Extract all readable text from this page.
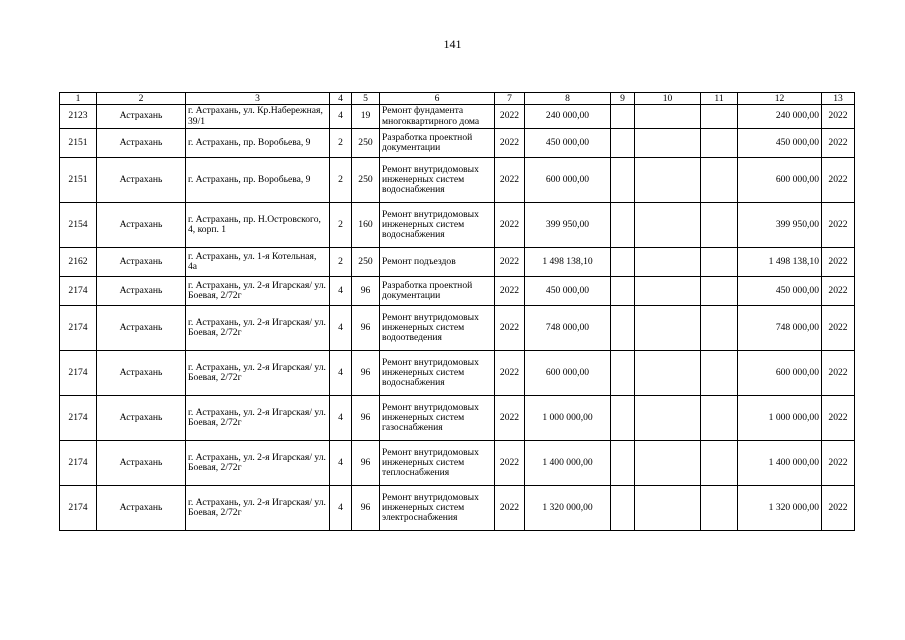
141
1	2	3	4	5	6	7	8	9	10	11	12	13
2123	Астрахань	г. Астрахань, ул. Кр.Набережная, 39/1	4	19	Ремонт фундамента многоквартирного дома	2022	240 000,00				240 000,00	2022
2151	Астрахань	г. Астрахань, пр. Воробьева, 9	2	250	Разработка проектной документации	2022	450 000,00				450 000,00	2022
2151	Астрахань	г. Астрахань, пр. Воробьева, 9	2	250	Ремонт внутридомовых инженерных систем водоснабжения	2022	600 000,00				600 000,00	2022
2154	Астрахань	г. Астрахань, пр. Н.Островского, 4, корп. 1	2	160	Ремонт внутридомовых инженерных систем водоснабжения	2022	399 950,00				399 950,00	2022
2162	Астрахань	г. Астрахань, ул. 1-я Котельная, 4а	2	250	Ремонт подъездов	2022	1 498 138,10				1 498 138,10	2022
2174	Астрахань	г. Астрахань, ул. 2-я Игарская/ ул. Боевая, 2/72г	4	96	Разработка проектной документации	2022	450 000,00				450 000,00	2022
2174	Астрахань	г. Астрахань, ул. 2-я Игарская/ ул. Боевая, 2/72г	4	96	Ремонт внутридомовых инженерных систем водоотведения	2022	748 000,00				748 000,00	2022
2174	Астрахань	г. Астрахань, ул. 2-я Игарская/ ул. Боевая, 2/72г	4	96	Ремонт внутридомовых инженерных систем водоснабжения	2022	600 000,00				600 000,00	2022
2174	Астрахань	г. Астрахань, ул. 2-я Игарская/ ул. Боевая, 2/72г	4	96	Ремонт внутридомовых инженерных систем газоснабжения	2022	1 000 000,00				1 000 000,00	2022
2174	Астрахань	г. Астрахань, ул. 2-я Игарская/ ул. Боевая, 2/72г	4	96	Ремонт внутридомовых инженерных систем теплоснабжения	2022	1 400 000,00				1 400 000,00	2022
2174	Астрахань	г. Астрахань, ул. 2-я Игарская/ ул. Боевая, 2/72г	4	96	Ремонт внутридомовых инженерных систем электроснабжения	2022	1 320 000,00				1 320 000,00	2022
